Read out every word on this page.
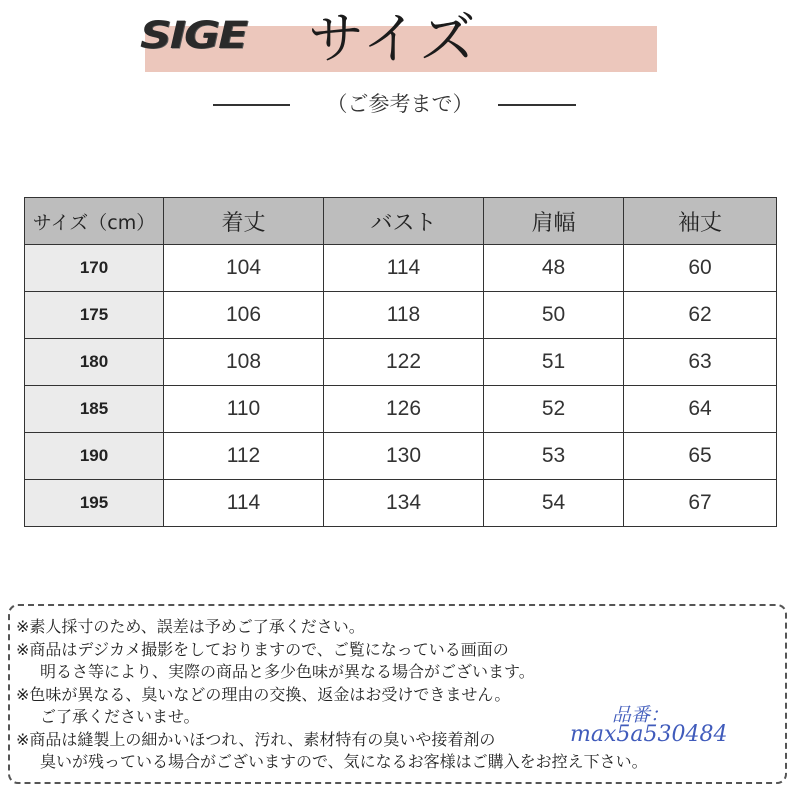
SIGE サイズ
（ご参考まで）
サイズ（cm）	着丈	バスト	肩幅	袖丈
170	104	114	48	60
175	106	118	50	62
180	108	122	51	63
185	110	126	52	64
190	112	130	53	65
195	114	134	54	67
※素人採寸のため、誤差は予めご了承ください。
※商品はデジカメ撮影をしておりますので、ご覧になっている画面の
明るさ等により、実際の商品と多少色味が異なる場合がございます。
※色味が異なる、臭いなどの理由の交換、返金はお受けできません。
ご了承くださいませ。
※商品は縫製上の細かいほつれ、汚れ、素材特有の臭いや接着剤の
臭いが残っている場合がございますので、気になるお客様はご購入をお控え下さい。
品番：
max5a530484
